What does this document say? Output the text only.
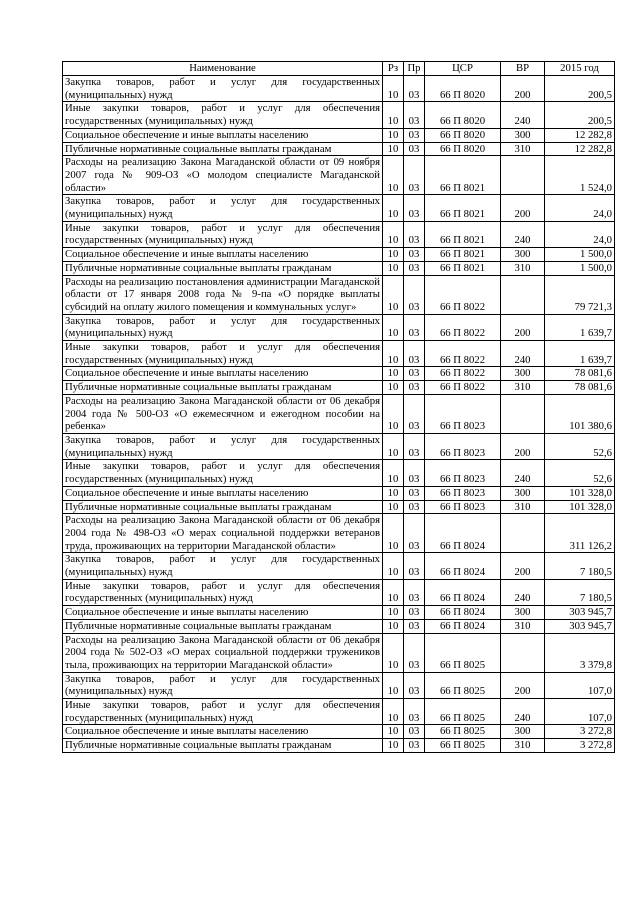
Наименование	Рз	Пр	ЦСР	ВР	2015 год
Закупка товаров, работ и услуг для государственных (муниципальных) нужд	10	03	66 П 8020	200	200,5
Иные закупки товаров, работ и услуг для обеспечения государственных (муниципальных) нужд	10	03	66 П 8020	240	200,5
Социальное обеспечение и иные выплаты населению	10	03	66 П 8020	300	12 282,8
Публичные нормативные социальные выплаты гражданам	10	03	66 П 8020	310	12 282,8
Расходы на реализацию Закона Магаданской области от 09 ноября 2007 года № 909-ОЗ «О молодом специалисте Магаданской области»	10	03	66 П 8021		1 524,0
Закупка товаров, работ и услуг для государственных (муниципальных) нужд	10	03	66 П 8021	200	24,0
Иные закупки товаров, работ и услуг для обеспечения государственных (муниципальных) нужд	10	03	66 П 8021	240	24,0
Социальное обеспечение и иные выплаты населению	10	03	66 П 8021	300	1 500,0
Публичные нормативные социальные выплаты гражданам	10	03	66 П 8021	310	1 500,0
Расходы на реализацию постановления администрации Магаданской области от 17 января 2008 года № 9-па «О порядке выплаты субсидий на оплату жилого помещения и коммунальных услуг»	10	03	66 П 8022		79 721,3
Закупка товаров, работ и услуг для государственных (муниципальных) нужд	10	03	66 П 8022	200	1 639,7
Иные закупки товаров, работ и услуг для обеспечения государственных (муниципальных) нужд	10	03	66 П 8022	240	1 639,7
Социальное обеспечение и иные выплаты населению	10	03	66 П 8022	300	78 081,6
Публичные нормативные социальные выплаты гражданам	10	03	66 П 8022	310	78 081,6
Расходы на реализацию Закона Магаданской области от 06 декабря 2004 года № 500-ОЗ «О ежемесячном и ежегодном пособии на ребенка»	10	03	66 П 8023		101 380,6
Закупка товаров, работ и услуг для государственных (муниципальных) нужд	10	03	66 П 8023	200	52,6
Иные закупки товаров, работ и услуг для обеспечения государственных (муниципальных) нужд	10	03	66 П 8023	240	52,6
Социальное обеспечение и иные выплаты населению	10	03	66 П 8023	300	101 328,0
Публичные нормативные социальные выплаты гражданам	10	03	66 П 8023	310	101 328,0
Расходы на реализацию Закона Магаданской области от 06 декабря 2004 года № 498-ОЗ «О мерах социальной поддержки ветеранов труда, проживающих на территории Магаданской области»	10	03	66 П 8024		311 126,2
Закупка товаров, работ и услуг для государственных (муниципальных) нужд	10	03	66 П 8024	200	7 180,5
Иные закупки товаров, работ и услуг для обеспечения государственных (муниципальных) нужд	10	03	66 П 8024	240	7 180,5
Социальное обеспечение и иные выплаты населению	10	03	66 П 8024	300	303 945,7
Публичные нормативные социальные выплаты гражданам	10	03	66 П 8024	310	303 945,7
Расходы на реализацию Закона Магаданской области от 06 декабря 2004 года № 502-ОЗ «О мерах социальной поддержки тружеников тыла, проживающих на территории Магаданской области»	10	03	66 П 8025		3 379,8
Закупка товаров, работ и услуг для государственных (муниципальных) нужд	10	03	66 П 8025	200	107,0
Иные закупки товаров, работ и услуг для обеспечения государственных (муниципальных) нужд	10	03	66 П 8025	240	107,0
Социальное обеспечение и иные выплаты населению	10	03	66 П 8025	300	3 272,8
Публичные нормативные социальные выплаты гражданам	10	03	66 П 8025	310	3 272,8
